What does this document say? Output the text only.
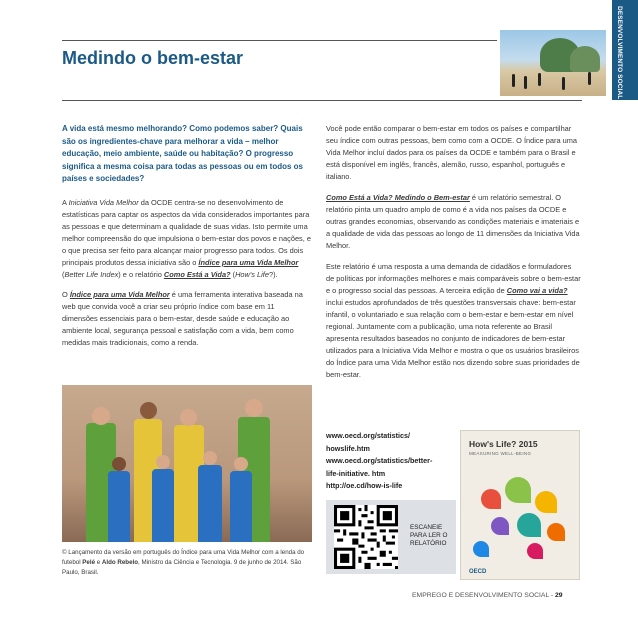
DESENVOLVIMENTO SOCIAL
Medindo o bem-estar
A vida está mesmo melhorando? Como podemos saber? Quais são os ingredientes-chave para melhorar a vida – melhor educação, meio ambiente, saúde ou habitação? O progresso significa a mesma coisa para todas as pessoas ou em todos os países e sociedades?

A Iniciativa Vida Melhor da OCDE centra-se no desenvolvimento de estatísticas para captar os aspectos da vida considerados importantes para as pessoas e que determinam a qualidade de suas vidas. Isto permite uma melhor compreensão do que impulsiona o bem-estar dos povos e nações, e o que precisa ser feito para alcançar maior progresso para todos. Os dois principais produtos dessa iniciativa são o Índice para uma Vida Melhor (Better Life Index) e o relatório Como Está a Vida? (How's Life?).

O Índice para uma Vida Melhor é uma ferramenta interativa baseada na web que convida você a criar seu próprio índice com base em 11 dimensões essenciais para o bem-estar, desde saúde e educação ao ambiente local, segurança pessoal e satisfação com a vida, bem como medidas mais tradicionais, como a renda.

© Lançamento da versão em português do Índice para uma Vida Melhor com a lenda do futebol Pelé e Aldo Rebelo, Ministro da Ciência e Tecnologia. 9 de junho de 2014. São Paulo, Brasil.

Você pode então comparar o bem-estar em todos os países e compartilhar seu índice com outras pessoas, bem como com a OCDE. O Índice para uma Vida Melhor incluí dados para os países da OCDE e também para o Brasil e está disponível em inglês, francês, alemão, russo, espanhol, português e italiano.

Como Está a Vida? Medindo o Bem-estar é um relatório semestral. O relatório pinta um quadro amplo de como é a vida nos países da OCDE e outras grandes economias, observando as condições materiais e imateriais e a qualidade de vida das pessoas ao longo de 11 dimensões da Iniciativa Vida Melhor.

Este relatório é uma resposta a uma demanda de cidadãos e formuladores de políticas por informações melhores e mais comparáveis sobre o bem-estar e o progresso social das pessoas. A terceira edição de Como vai a vida? inclui estudos aprofundados de três questões transversais chave: bem-estar infantil, o voluntariado e sua relação com o bem-estar e bem-estar em nível regional. Juntamente com a publicação, uma nota referente ao Brasil apresenta resultados baseados no conjunto de indicadores de bem-estar utilizados para a Iniciativa Vida Melhor e mostra o que os usuários brasileiros do Índice para uma Vida Melhor estão nos dizendo sobre suas prioridades de bem-estar.

www.oecd.org/statistics/
howslife.htm
www.oecd.org/statistics/better-
life-initiative. htm
http://oe.cd/how-is-life
ESCANEIE
PARA LER O
RELATÓRIO
How's Life? 2015
MEASURING WELL-BEING
OECD
EMPREGO E DESENVOLVIMENTO SOCIAL - 29
